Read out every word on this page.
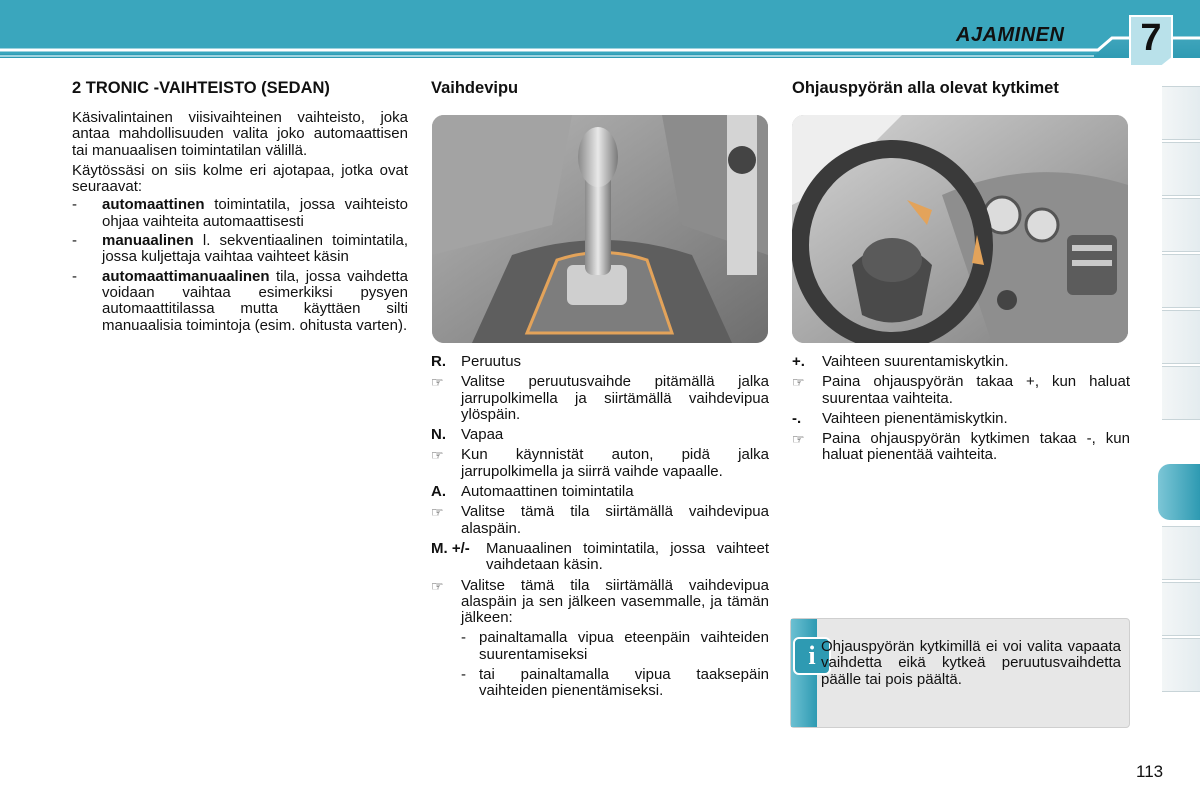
AJAMINEN	7
2 TRONIC -VAIHTEISTO (SEDAN)

Käsivalintainen viisivaihteinen vaihteisto, joka antaa mahdollisuuden valita joko automaattisen tai manuaalisen toimintatilan välillä.

Käytössäsi on siis kolme eri ajotapaa, jotka ovat seuraavat:

-	automaattinen toimintatila, jossa vaihteisto ohjaa vaihteita automaattisesti
-	manuaalinen l. sekventiaalinen toimintatila, jossa kuljettaja vaihtaa vaihteet käsin
-	automaattimanuaalinen tila, jossa vaihdetta voidaan vaihtaa esimerkiksi pysyen automaattitilassa mutta käyttäen silti manuaalisia toimintoja (esim. ohitusta varten).
Vaihdevipu
R.	Peruutus
☞	Valitse peruutusvaihde pitämällä jalka jarrupolkimella ja siirtämällä vaihdevipua ylöspäin.
N.	Vapaa
☞	Kun käynnistät auton, pidä jalka jarrupolkimella ja siirrä vaihde vapaalle.
A.	Automaattinen toimintatila
☞	Valitse tämä tila siirtämällä vaihdevipua alaspäin.
M. +/-	Manuaalinen toimintatila, jossa vaihteet vaihdetaan käsin.
☞	Valitse tämä tila siirtämällä vaihdevipua alaspäin ja sen jälkeen vasemmalle, ja tämän jälkeen:
- painaltamalla vipua eteenpäin vaihteiden suurentamiseksi
- tai painaltamalla vipua taaksepäin vaihteiden pienentämiseksi.
Ohjauspyörän alla olevat kytkimet
+.	Vaihteen suurentamiskytkin.
☞	Paina ohjauspyörän takaa +, kun haluat suurentaa vaihteita.
-.	Vaihteen pienentämiskytkin.
☞	Paina ohjauspyörän kytkimen takaa -, kun haluat pienentää vaihteita.
i Ohjauspyörän kytkimillä ei voi valita vapaata vaihdetta eikä kytkeä peruutusvaihdetta päälle tai pois päältä.
113
